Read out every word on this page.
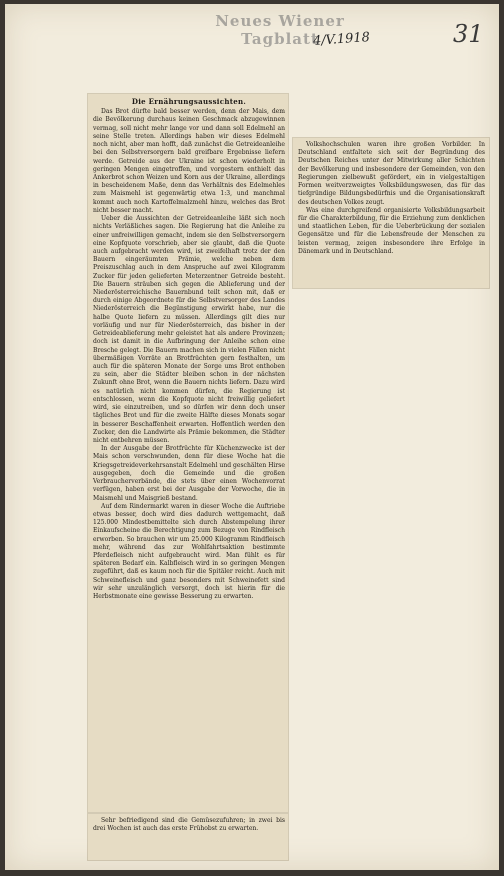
Neues Wiener Tagblatt
4/V.1918	31
Die Ernährungsaussichten.

Das Brot dürfte bald besser werden, denn der Mais, dem die Bevölkerung durchaus keinen Geschmack abzugewinnen vermag, soll nicht mehr lange vor und dann soll Edelmehl an seine Stelle treten. Allerdings haben wir dieses Edelmehl noch nicht, aber man hofft, daß zunächst die Getreideanleihe bei den Selbstversorgern bald greifbare Ergebnisse liefern werde. Getreide aus der Ukraine ist schon wiederholt in geringen Mengen eingetroffen, und vorgestern enthielt das Ankerbrot schon Weizen und Korn aus der Ukraine, allerdings in bescheidenem Maße, denn das Verhältnis des Edelmehles zum Maismehl ist gegenwärtig etwa 1:3, und manchmal kommt auch noch Kartoffelmalzmehl hinzu, welches das Brot nicht besser macht.

Ueber die Aussichten der Getreideanleihe läßt sich noch nichts Verläßliches sagen. Die Regierung hat die Anleihe zu einer unfreiwilligen gemacht, indem sie den Selbstversorgern eine Kopfquote vorschrieb, aber sie glaubt, daß die Quote auch aufgebracht werden wird, ist zweifelhaft trotz der den Bauern eingeräumten Prämie, welche neben dem Preiszuschlag auch in dem Anspruche auf zwei Kilogramm Zucker für jeden gelieferten Meterzentner Getreide besteht. Die Bauern sträuben sich gegen die Ablieferung und der Niederösterreichische Bauernbund teilt schon mit, daß er durch einige Abgeordnete für die Selbstversorger des Landes Niederösterreich die Begünstigung erwirkt habe, nur die halbe Quote liefern zu müssen. Allerdings gilt dies nur vorläufig und nur für Niederösterreich, das bisher in der Getreideablieferung mehr geleistet hat als andere Provinzen; doch ist damit in die Aufbringung der Anleihe schon eine Bresche gelegt. Die Bauern machen sich in vielen Fällen nicht übermäßigen Vorräte an Brotfrüchten gern festhalten, um auch für die späteren Monate der Sorge ums Brot enthoben zu sein, aber die Städter bleiben schon in der nächsten Zukunft ohne Brot, wenn die Bauern nichts liefern. Dazu wird es natürlich nicht kommen dürfen, die Regierung ist entschlossen, wenn die Kopfquote nicht freiwillig geliefert wird, sie einzutreiben, und so dürfen wir denn doch unser tägliches Brot und für die zweite Hälfte dieses Monats sogar in besserer Beschaffenheit erwarten. Hoffentlich werden den Zucker, den die Landwirte als Prämie bekommen, die Städter nicht entbehren müssen.

In der Ausgabe der Brotfrüchte für Küchenzwecke ist der Mais schon verschwunden, denn für diese Woche hat die Kriegsgetreideverkehrsanstalt Edelmehl und geschälten Hirse ausgegeben, doch die Gemeinde und die großen Verbraucherverbände, die stets über einen Wochenvorrat verfügen, haben erst bei der Ausgabe der Vorwoche, die in Maismehl und Maisgrieß bestand.

Auf dem Rindermarkt waren in dieser Woche die Auftriebe etwas besser, doch wird dies dadurch wettgemacht, daß 125.000 Mindestbemittelte sich durch Abstempelung ihrer Einkaufscheine die Berechtigung zum Bezuge von Rindfleisch erworben. So brauchen wir um 25.000 Kilogramm Rindfleisch mehr, während das zur Wohlfahrtsaktion bestimmte Pferdefleisch nicht aufgebraucht wird. Man fühlt es für späteren Bedarf ein. Kalbfleisch wird in so geringen Mengen zugeführt, daß es kaum noch für die Spitäler reicht. Auch mit Schweinefleisch und ganz besonders mit Schweinefett sind wir sehr unzulänglich versorgt, doch ist hierin für die Herbstmonate eine gewisse Besserung zu erwarten.

Sehr befriedigend sind die Gemüsezufuhren; in zwei bis drei Wochen ist auch das erste Frühobst zu erwarten.

Volkshochschulen waren ihre großen Vorbilder. In Deutschland entfaltete sich seit der Begründung des Deutschen Reiches unter der Mitwirkung aller Schichten der Bevölkerung und insbesondere der Gemeinden, von den Regierungen zielbewußt gefördert, ein in vielgestaltigen Formen weitverzweigtes Volksbildungswesen, das für das tiefgründige Bildungsbedürfnis und die Organisationskraft des deutschen Volkes zeugt.

Was eine durchgreifend organisierte Volksbildungsarbeit für die Charakterbildung, für die Erziehung zum denklichen und staatlichen Leben, für die Ueberbrückung der sozialen Gegensätze und für die Lebensfreude der Menschen zu leisten vermag, zeigen insbesondere ihre Erfolge in Dänemark und in Deutschland.
